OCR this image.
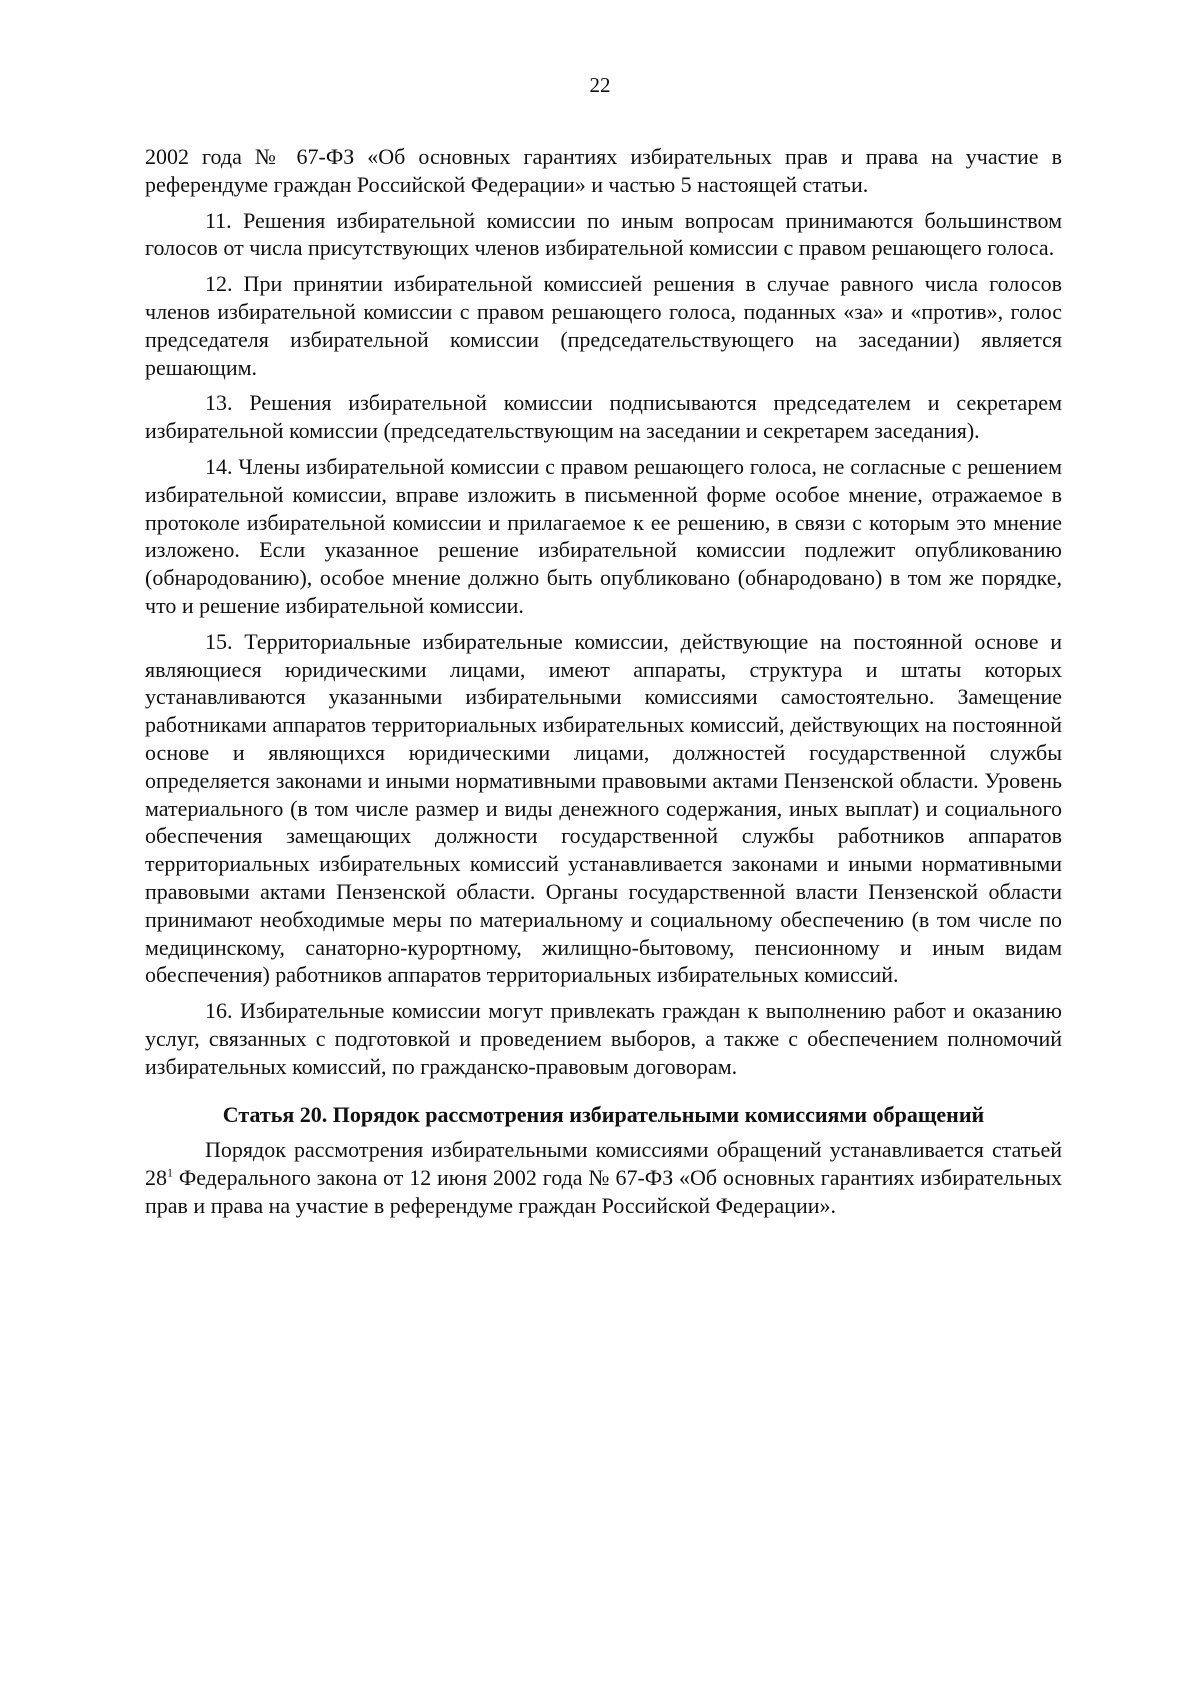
22

2002 года № 67-ФЗ «Об основных гарантиях избирательных прав и права на участие в референдуме граждан Российской Федерации» и частью 5 настоящей статьи.

11. Решения избирательной комиссии по иным вопросам принимаются большинством голосов от числа присутствующих членов избирательной комиссии с правом решающего голоса.

12. При принятии избирательной комиссией решения в случае равного числа голосов членов избирательной комиссии с правом решающего голоса, поданных «за» и «против», голос председателя избирательной комиссии (председательствующего на заседании) является решающим.

13. Решения избирательной комиссии подписываются председателем и секретарем избирательной комиссии (председательствующим на заседании и секретарем заседания).

14. Члены избирательной комиссии с правом решающего голоса, не согласные с решением избирательной комиссии, вправе изложить в письменной форме особое мнение, отражаемое в протоколе избирательной комиссии и прилагаемое к ее решению, в связи с которым это мнение изложено. Если указанное решение избирательной комиссии подлежит опубликованию (обнародованию), особое мнение должно быть опубликовано (обнародовано) в том же порядке, что и решение избирательной комиссии.

15. Территориальные избирательные комиссии, действующие на постоянной основе и являющиеся юридическими лицами, имеют аппараты, структура и штаты которых устанавливаются указанными избирательными комиссиями самостоятельно. Замещение работниками аппаратов территориальных избирательных комиссий, действующих на постоянной основе и являющихся юридическими лицами, должностей государственной службы определяется законами и иными нормативными правовыми актами Пензенской области. Уровень материального (в том числе размер и виды денежного содержания, иных выплат) и социального обеспечения замещающих должности государственной службы работников аппаратов территориальных избирательных комиссий устанавливается законами и иными нормативными правовыми актами Пензенской области. Органы государственной власти Пензенской области принимают необходимые меры по материальному и социальному обеспечению (в том числе по медицинскому, санаторно-курортному, жилищно-бытовому, пенсионному и иным видам обеспечения) работников аппаратов территориальных избирательных комиссий.

16. Избирательные комиссии могут привлекать граждан к выполнению работ и оказанию услуг, связанных с подготовкой и проведением выборов, а также с обеспечением полномочий избирательных комиссий, по гражданско-правовым договорам.

Статья 20. Порядок рассмотрения избирательными комиссиями обращений

Порядок рассмотрения избирательными комиссиями обращений устанавливается статьей $28^1$ Федерального закона от 12 июня 2002 года № 67-ФЗ «Об основных гарантиях избирательных прав и права на участие в референдуме граждан Российской Федерации».
